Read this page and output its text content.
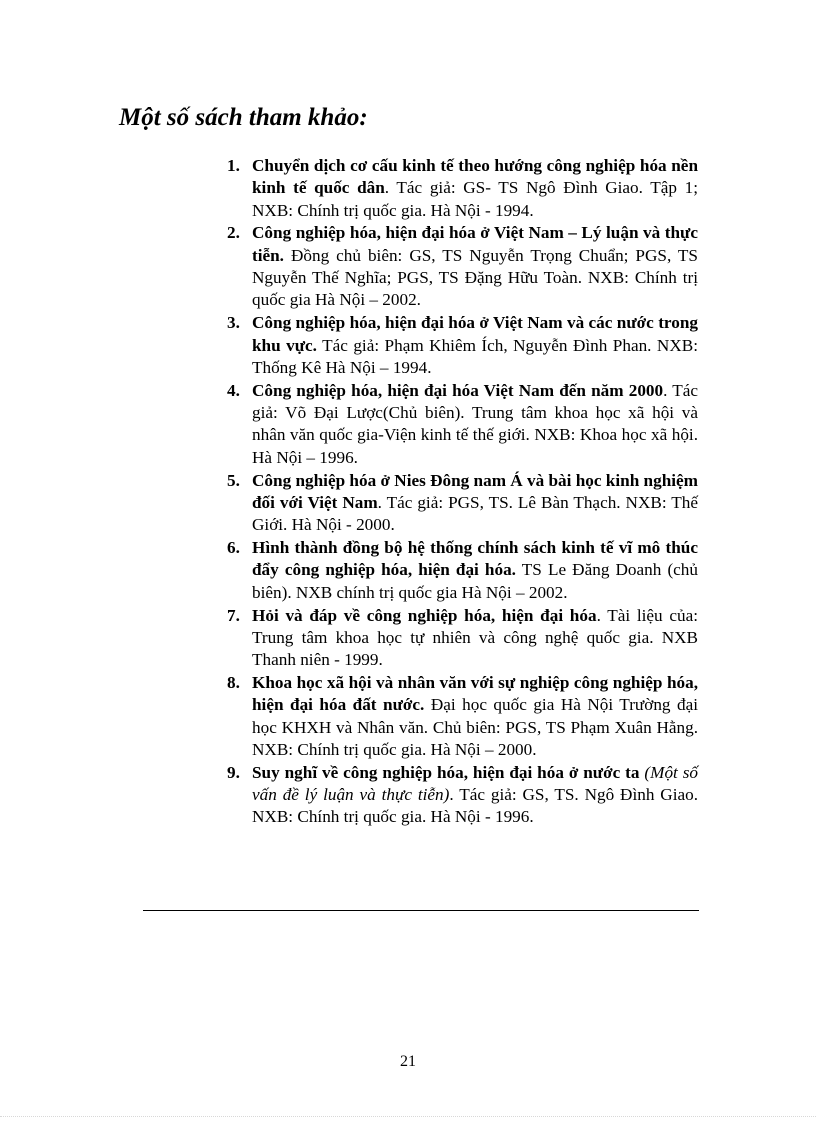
Một số sách tham khảo:
1. Chuyển dịch cơ cấu kinh tế theo hướng công nghiệp hóa nền kinh tế quốc dân. Tác giả: GS- TS Ngô Đình Giao. Tập 1; NXB: Chính trị quốc gia. Hà Nội - 1994.
2. Công nghiệp hóa, hiện đại hóa ở Việt Nam – Lý luận và thực tiễn. Đồng chủ biên: GS, TS Nguyễn Trọng Chuẩn; PGS, TS Nguyễn Thế Nghĩa; PGS, TS Đặng Hữu Toàn. NXB: Chính trị quốc gia Hà Nội – 2002.
3. Công nghiệp hóa, hiện đại hóa ở Việt Nam và các nước trong khu vực. Tác giả: Phạm Khiêm Ích, Nguyễn Đình Phan. NXB: Thống Kê Hà Nội – 1994.
4. Công nghiệp hóa, hiện đại hóa Việt Nam đến năm 2000. Tác giả: Võ Đại Lược(Chủ biên). Trung tâm khoa học xã hội và nhân văn quốc gia-Viện kinh tế thế giới. NXB: Khoa học xã hội. Hà Nội – 1996.
5. Công nghiệp hóa ở Nies Đông nam Á và bài học kinh nghiệm đối với Việt Nam. Tác giả: PGS, TS. Lê Bàn Thạch. NXB: Thế Giới. Hà Nội - 2000.
6. Hình thành đồng bộ hệ thống chính sách kinh tế vĩ mô thúc đẩy công nghiệp hóa, hiện đại hóa. TS Le Đăng Doanh (chủ biên). NXB chính trị quốc gia Hà Nội – 2002.
7. Hỏi và đáp về công nghiệp hóa, hiện đại hóa. Tài liệu của: Trung tâm khoa học tự nhiên và công nghệ quốc gia. NXB Thanh niên - 1999.
8. Khoa học xã hội và nhân văn với sự nghiệp công nghiệp hóa, hiện đại hóa đất nước. Đại học quốc gia Hà Nội Trường đại học KHXH và Nhân văn. Chủ biên: PGS, TS Phạm Xuân Hằng. NXB: Chính trị quốc gia. Hà Nội – 2000.
9. Suy nghĩ về công nghiệp hóa, hiện đại hóa ở nước ta (Một số vấn đề lý luận và thực tiễn). Tác giả: GS, TS. Ngô Đình Giao. NXB: Chính trị quốc gia. Hà Nội - 1996.
21
